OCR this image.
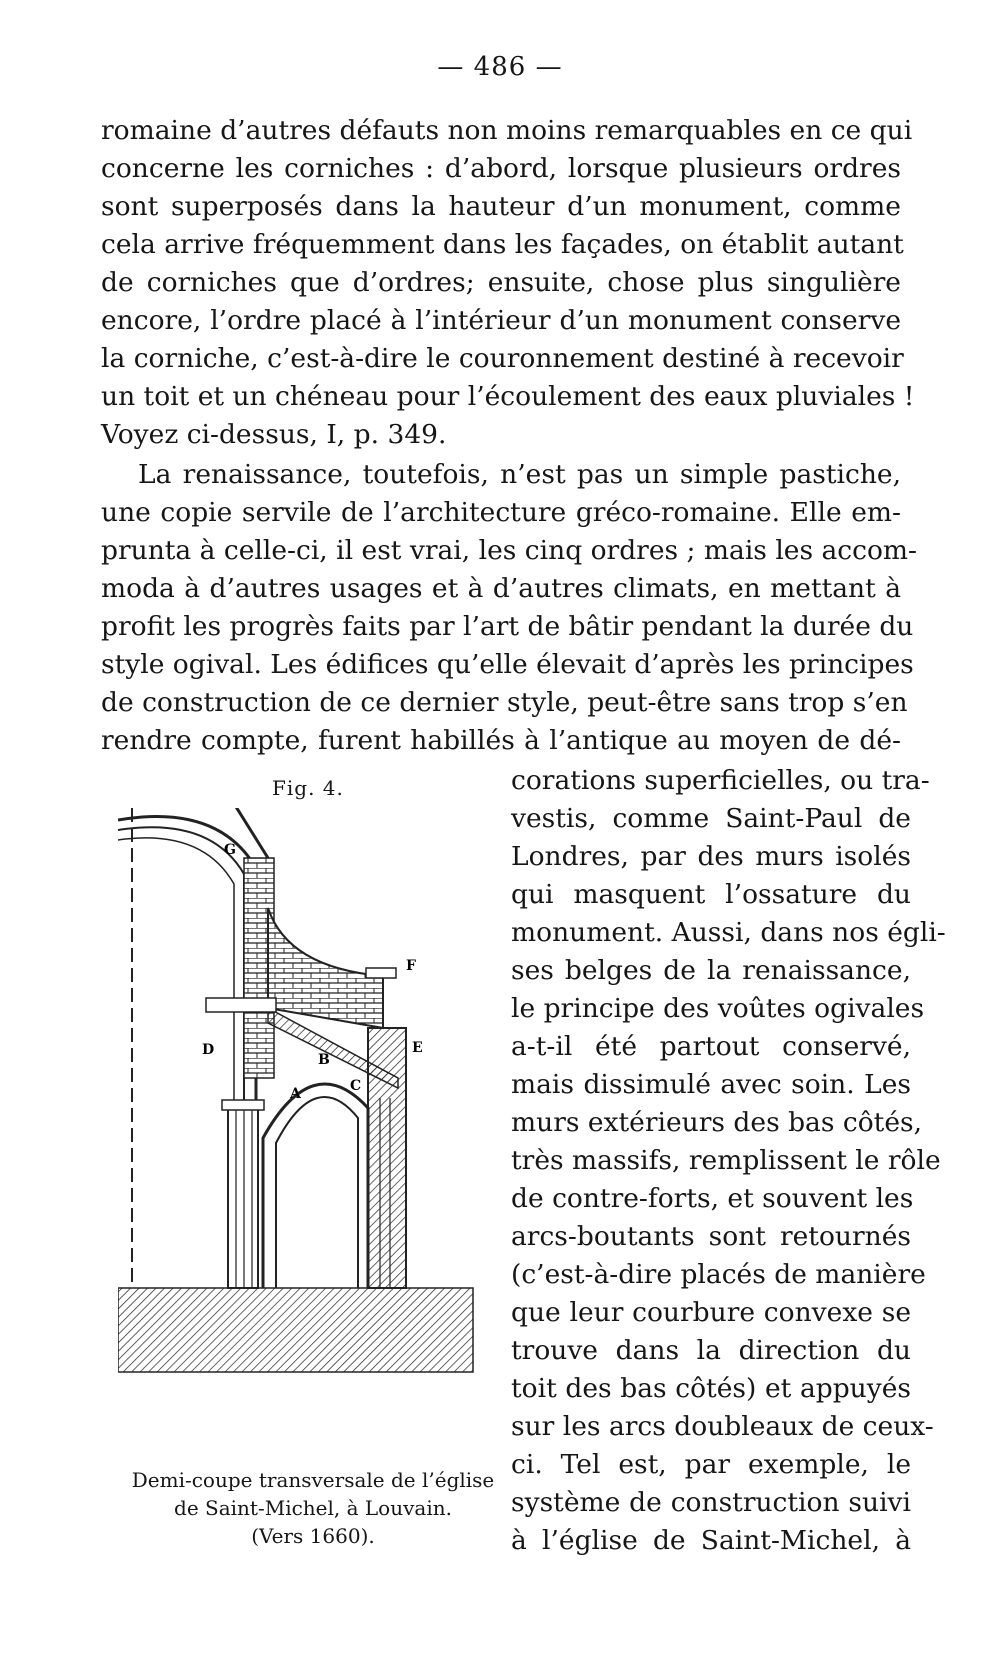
— 486 —
romaine d’autres défauts non moins remarquables en ce qui
concerne les corniches : d’abord, lorsque plusieurs ordres
sont superposés dans la hauteur d’un monument, comme
cela arrive fréquemment dans les façades, on établit autant
de corniches que d’ordres; ensuite, chose plus singulière
encore, l’ordre placé à l’intérieur d’un monument conserve
la corniche, c’est-à-dire le couronnement destiné à recevoir
un toit et un chéneau pour l’écoulement des eaux pluviales !
Voyez ci-dessus, I, p. 349.
La renaissance, toutefois, n’est pas un simple pastiche,
une copie servile de l’architecture gréco-romaine. Elle em-
prunta à celle-ci, il est vrai, les cinq ordres ; mais les accom-
moda à d’autres usages et à d’autres climats, en mettant à
profit les progrès faits par l’art de bâtir pendant la durée du
style ogival. Les édifices qu’elle élevait d’après les principes
de construction de ce dernier style, peut-être sans trop s’en
rendre compte, furent habillés à l’antique au moyen de dé-
corations superficielles, ou tra-
vestis, comme Saint-Paul de
Londres, par des murs isolés
qui masquent l’ossature du
monument. Aussi, dans nos égli-
ses belges de la renaissance,
le principe des voûtes ogivales
a-t-il été partout conservé,
mais dissimulé avec soin. Les
murs extérieurs des bas côtés,
très massifs, remplissent le rôle
de contre-forts, et souvent les
arcs-boutants sont retournés
(c’est-à-dire placés de manière
que leur courbure convexe se
trouve dans la direction du
toit des bas côtés) et appuyés
sur les arcs doubleaux de ceux-
ci. Tel est, par exemple, le
système de construction suivi
à l’église de Saint-Michel, à
Fig. 4.
G
F
D
B
E
A	C
Demi-coupe transversale de l’église
de Saint-Michel, à Louvain.
(Vers 1660).
